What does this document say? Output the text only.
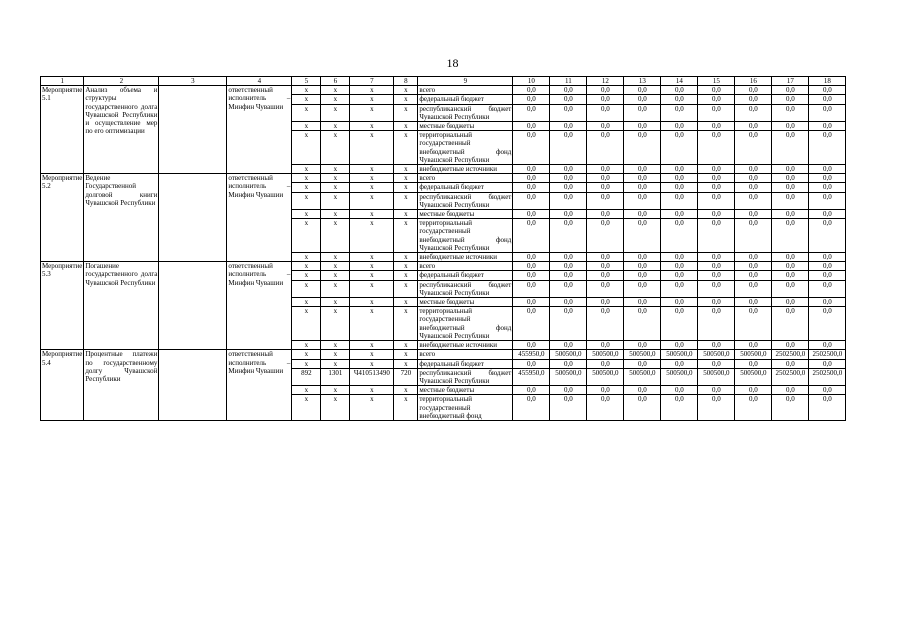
18
1	2	3	4	5	6	7	8	9	10	11	12	13	14	15	16	17	18
Мероприятие 5.1	Анализ объема и структуры государственного долга Чувашской Республики и осуществление мер по его оптимизации		ответственный исполнитель – Минфин Чувашии	x	x	x	x	всего	0,0	0,0	0,0	0,0	0,0	0,0	0,0	0,0	0,0
				x	x	x	x	федеральный бюджет	0,0	0,0	0,0	0,0	0,0	0,0	0,0	0,0	0,0
				x	x	x	x	республиканский бюджет Чувашской Республики	0,0	0,0	0,0	0,0	0,0	0,0	0,0	0,0	0,0
				x	x	x	x	местные бюджеты	0,0	0,0	0,0	0,0	0,0	0,0	0,0	0,0	0,0
				x	x	x	x	территориальный государственный внебюджетный фонд Чувашской Республики	0,0	0,0	0,0	0,0	0,0	0,0	0,0	0,0	0,0
				x	x	x	x	внебюджетные источники	0,0	0,0	0,0	0,0	0,0	0,0	0,0	0,0	0,0
Мероприятие 5.2	Ведение Государственной долговой книги Чувашской Республики		ответственный исполнитель – Минфин Чувашии	x	x	x	x	всего	0,0	0,0	0,0	0,0	0,0	0,0	0,0	0,0	0,0
				x	x	x	x	федеральный бюджет	0,0	0,0	0,0	0,0	0,0	0,0	0,0	0,0	0,0
				x	x	x	x	республиканский бюджет Чувашской Республики	0,0	0,0	0,0	0,0	0,0	0,0	0,0	0,0	0,0
				x	x	x	x	местные бюджеты	0,0	0,0	0,0	0,0	0,0	0,0	0,0	0,0	0,0
				x	x	x	x	территориальный государственный внебюджетный фонд Чувашской Республики	0,0	0,0	0,0	0,0	0,0	0,0	0,0	0,0	0,0
				x	x	x	x	внебюджетные источники	0,0	0,0	0,0	0,0	0,0	0,0	0,0	0,0	0,0
Мероприятие 5.3	Погашение государственного долга Чувашской Республики		ответственный исполнитель – Минфин Чувашии	x	x	x	x	всего	0,0	0,0	0,0	0,0	0,0	0,0	0,0	0,0	0,0
				x	x	x	x	федеральный бюджет	0,0	0,0	0,0	0,0	0,0	0,0	0,0	0,0	0,0
				x	x	x	x	республиканский бюджет Чувашской Республики	0,0	0,0	0,0	0,0	0,0	0,0	0,0	0,0	0,0
				x	x	x	x	местные бюджеты	0,0	0,0	0,0	0,0	0,0	0,0	0,0	0,0	0,0
				x	x	x	x	территориальный государственный внебюджетный фонд Чувашской Республики	0,0	0,0	0,0	0,0	0,0	0,0	0,0	0,0	0,0
				x	x	x	x	внебюджетные источники	0,0	0,0	0,0	0,0	0,0	0,0	0,0	0,0	0,0
Мероприятие 5.4	Процентные платежи по государственному долгу Чувашской Республики		ответственный исполнитель – Минфин Чувашии	x	x	x	x	всего	455950,0	500500,0	500500,0	500500,0	500500,0	500500,0	500500,0	2502500,0	2502500,0
				x	x	x	x	федеральный бюджет	0,0	0,0	0,0	0,0	0,0	0,0	0,0	0,0	0,0
				892	1301	Ч410513490	720	республиканский бюджет Чувашской Республики	455950,0	500500,0	500500,0	500500,0	500500,0	500500,0	500500,0	2502500,0	2502500,0
				x	x	x	x	местные бюджеты	0,0	0,0	0,0	0,0	0,0	0,0	0,0	0,0	0,0
				x	x	x	x	территориальный государственный внебюджетный фонд	0,0	0,0	0,0	0,0	0,0	0,0	0,0	0,0	0,0
